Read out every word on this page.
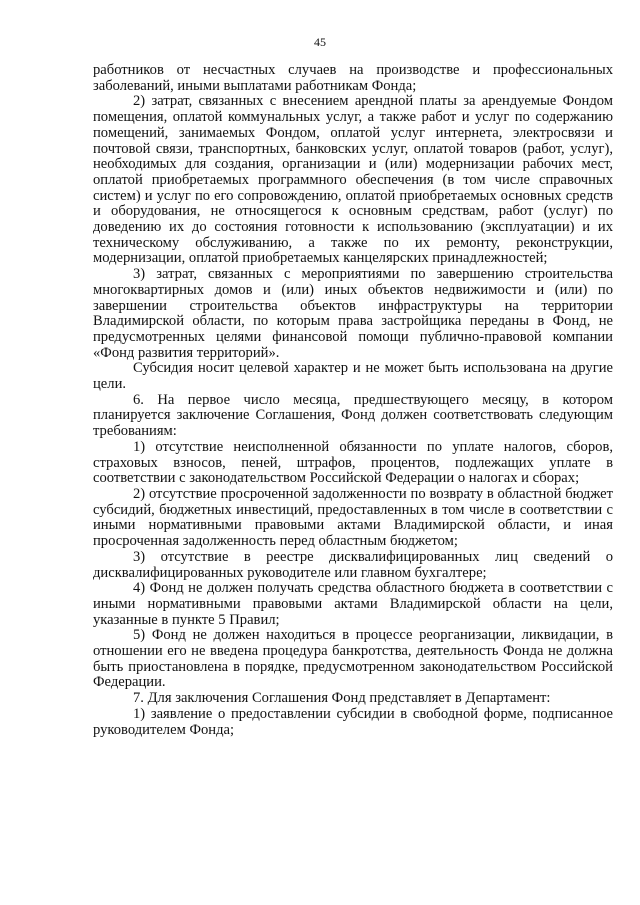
45

работников от несчастных случаев на производстве и профессиональных заболеваний, иными выплатами работникам Фонда;

2) затрат, связанных с внесением арендной платы за арендуемые Фондом помещения, оплатой коммунальных услуг, а также работ и услуг по содержанию помещений, занимаемых Фондом, оплатой услуг интернета, электросвязи и почтовой связи, транспортных, банковских услуг, оплатой товаров (работ, услуг), необходимых для создания, организации и (или) модернизации рабочих мест, оплатой приобретаемых программного обеспечения (в том числе справочных систем) и услуг по его сопровождению, оплатой приобретаемых основных средств и оборудования, не относящегося к основным средствам, работ (услуг) по доведению их до состояния готовности к использованию (эксплуатации) и их техническому обслуживанию, а также по их ремонту, реконструкции, модернизации, оплатой приобретаемых канцелярских принадлежностей;

3) затрат, связанных с мероприятиями по завершению строительства многоквартирных домов и (или) иных объектов недвижимости и (или) по завершении строительства объектов инфраструктуры на территории Владимирской области, по которым права застройщика переданы в Фонд, не предусмотренных целями финансовой помощи публично-правовой компании «Фонд развития территорий».

Субсидия носит целевой характер и не может быть использована на другие цели.

6. На первое число месяца, предшествующего месяцу, в котором планируется заключение Соглашения, Фонд должен соответствовать следующим требованиям:

1) отсутствие неисполненной обязанности по уплате налогов, сборов, страховых взносов, пеней, штрафов, процентов, подлежащих уплате в соответствии с законодательством Российской Федерации о налогах и сборах;

2) отсутствие просроченной задолженности по возврату в областной бюджет субсидий, бюджетных инвестиций, предоставленных в том числе в соответствии с иными нормативными правовыми актами Владимирской области, и иная просроченная задолженность перед областным бюджетом;

3) отсутствие в реестре дисквалифицированных лиц сведений о дисквалифицированных руководителе или главном бухгалтере;

4) Фонд не должен получать средства областного бюджета в соответствии с иными нормативными правовыми актами Владимирской области на цели, указанные в пункте 5 Правил;

5) Фонд не должен находиться в процессе реорганизации, ликвидации, в отношении его не введена процедура банкротства, деятельность Фонда не должна быть приостановлена в порядке, предусмотренном законодательством Российской Федерации.

7. Для заключения Соглашения Фонд представляет в Департамент:

1) заявление о предоставлении субсидии в свободной форме, подписанное руководителем Фонда;
